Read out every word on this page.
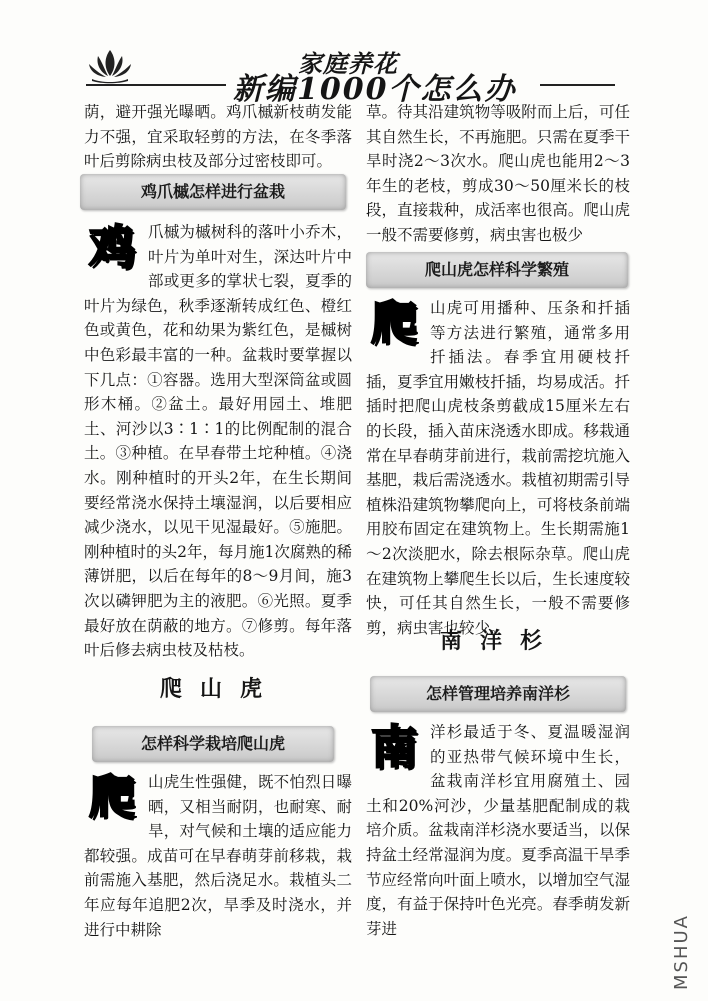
家庭养花
新编1000个怎么办

荫，避开强光曝晒。鸡爪槭新枝萌发能力不强，宜采取轻剪的方法，在冬季落叶后剪除病虫枝及部分过密枝即可。

鸡爪槭怎样进行盆栽

鸡 爪槭为槭树科的落叶小乔木，叶片为单叶对生，深达叶片中部或更多的掌状七裂，夏季的叶片为绿色，秋季逐渐转成红色、橙红色或黄色，花和幼果为紫红色，是槭树中色彩最丰富的一种。盆栽时要掌握以下几点：①容器。选用大型深筒盆或圆形木桶。②盆土。最好用园土、堆肥土、河沙以3∶1∶1的比例配制的混合土。③种植。在早春带土坨种植。④浇水。刚种植时的开头2年，在生长期间要经常浇水保持土壤湿润，以后要相应减少浇水，以见干见湿最好。⑤施肥。刚种植时的头2年，每月施1次腐熟的稀薄饼肥，以后在每年的8～9月间，施3次以磷钾肥为主的液肥。⑥光照。夏季最好放在荫蔽的地方。⑦修剪。每年落叶后修去病虫枝及枯枝。

爬山虎
怎样科学栽培爬山虎

爬 山虎生性强健，既不怕烈日曝晒，又相当耐阴，也耐寒、耐旱，对气候和土壤的适应能力都较强。成苗可在早春萌芽前移栽，栽前需施入基肥，然后浇足水。栽植头二年应每年追肥2次，旱季及时浇水，并进行中耕除

草。待其沿建筑物等吸附而上后，可任其自然生长，不再施肥。只需在夏季干旱时浇2～3次水。爬山虎也能用2～3年生的老枝，剪成30～50厘米长的枝段，直接栽种，成活率也很高。爬山虎一般不需要修剪，病虫害也极少

爬山虎怎样科学繁殖

爬 山虎可用播种、压条和扦插等方法进行繁殖，通常多用扦插法。春季宜用硬枝扦插，夏季宜用嫩枝扦插，均易成活。扦插时把爬山虎枝条剪截成15厘米左右的长段，插入苗床浇透水即成。移栽通常在早春萌芽前进行，栽前需挖坑施入基肥，栽后需浇透水。栽植初期需引导植株沿建筑物攀爬向上，可将枝条前端用胶布固定在建筑物上。生长期需施1～2次淡肥水，除去根际杂草。爬山虎在建筑物上攀爬生长以后，生长速度较快，可任其自然生长，一般不需要修剪，病虫害也较少。

南洋杉
怎样管理培养南洋杉

南 洋杉最适于冬、夏温暖湿润的亚热带气候环境中生长，盆栽南洋杉宜用腐殖土、园土和20%河沙，少量基肥配制成的栽培介质。盆栽南洋杉浇水要适当，以保持盆土经常湿润为度。夏季高温干旱季节应经常向叶面上喷水，以增加空气湿度，有益于保持叶色光亮。春季萌发新芽进	MSHUA
